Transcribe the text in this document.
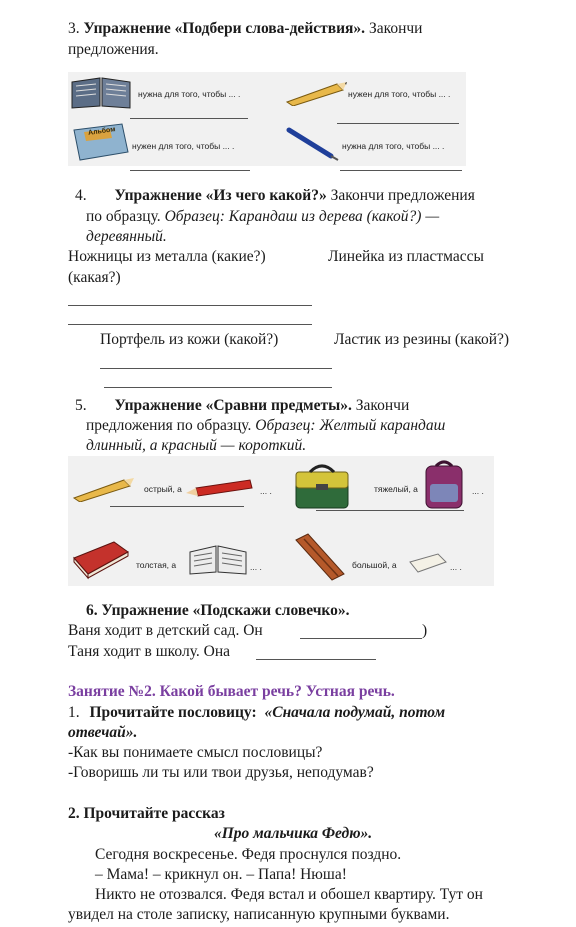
3. Упражнение «Подбери слова-действия». Закончи
предложения.
нужна для того, чтобы ... .	нужен для того, чтобы ... .
Альбом
нужен для того, чтобы ... .	нужна для того, чтобы ... .
4. Упражнение «Из чего какой?» Закончи предложения
по образцу. Образец: Карандаш из дерева (какой?) —
деревянный.
Ножницы из металла (какие?)	Линейка из пластмассы
(какая?)
Портфель из кожи (какой?)	Ластик из резины (какой?)
5. Упражнение «Сравни предметы». Закончи
предложения по образцу. Образец: Желтый карандаш
длинный, а красный — короткий.
острый, а	... .	тяжелый, а	... .
толстая, а	... .	большой, а	... .
6. Упражнение «Подскажи словечко».
Ваня ходит в детский сад. Он	)
Таня ходит в школу. Она
Занятие №2. Какой бывает речь? Устная речь.
1. Прочитайте пословицу: «Сначала подумай, потом
отвечай».
-Как вы понимаете смысл пословицы?
-Говоришь ли ты или твои друзья, неподумав?
2. Прочитайте рассказ
«Про мальчика Федю».
Сегодня воскресенье. Федя проснулся поздно.
– Мама! – крикнул он. – Папа! Нюша!
Никто не отозвался. Федя встал и обошел квартиру. Тут он
увидел на столе записку, написанную крупными буквами.
